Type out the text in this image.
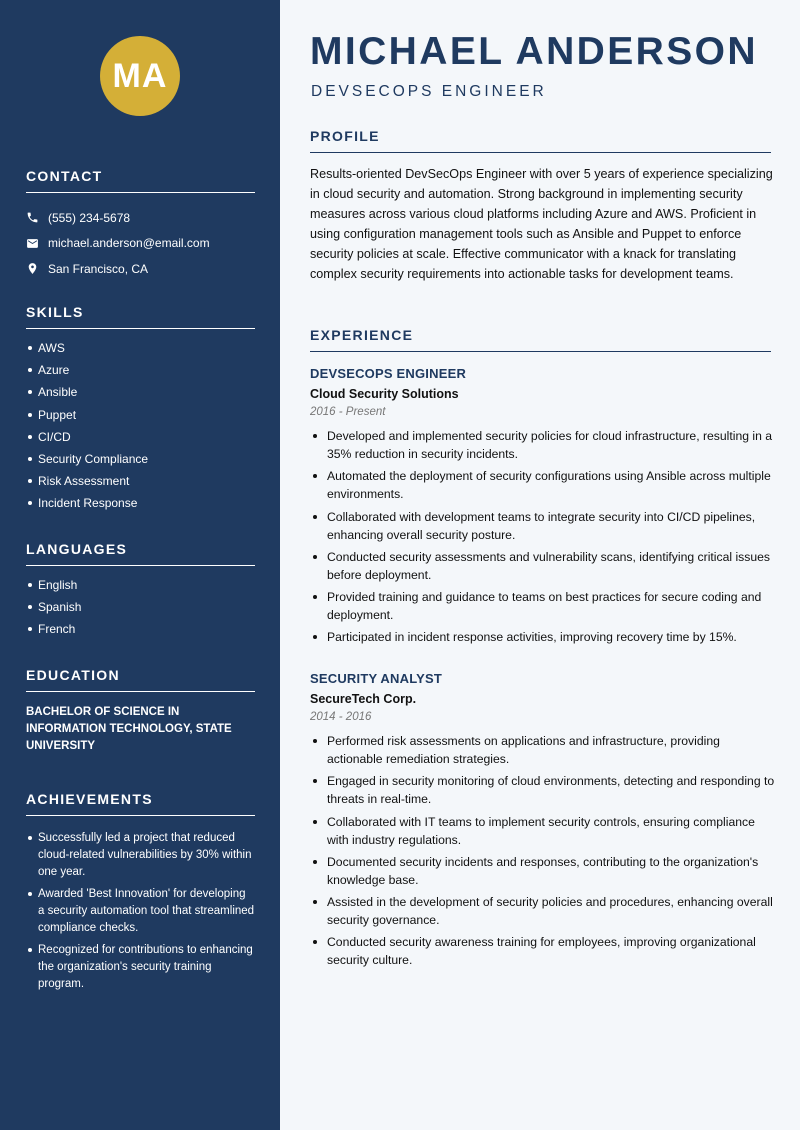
MA
CONTACT
(555) 234-5678
michael.anderson@email.com
San Francisco, CA
SKILLS
AWS
Azure
Ansible
Puppet
CI/CD
Security Compliance
Risk Assessment
Incident Response
LANGUAGES
English
Spanish
French
EDUCATION

BACHELOR OF SCIENCE IN INFORMATION TECHNOLOGY, STATE UNIVERSITY

ACHIEVEMENTS
Successfully led a project that reduced cloud-related vulnerabilities by 30% within one year.
Awarded 'Best Innovation' for developing a security automation tool that streamlined compliance checks.
Recognized for contributions to enhancing the organization's security training program.
MICHAEL ANDERSON
DEVSECOPS ENGINEER
PROFILE

Results-oriented DevSecOps Engineer with over 5 years of experience specializing in cloud security and automation. Strong background in implementing security measures across various cloud platforms including Azure and AWS. Proficient in using configuration management tools such as Ansible and Puppet to enforce security policies at scale. Effective communicator with a knack for translating complex security requirements into actionable tasks for development teams.

EXPERIENCE
DEVSECOPS ENGINEER
Cloud Security Solutions
2016 - Present
Developed and implemented security policies for cloud infrastructure, resulting in a 35% reduction in security incidents.
Automated the deployment of security configurations using Ansible across multiple environments.
Collaborated with development teams to integrate security into CI/CD pipelines, enhancing overall security posture.
Conducted security assessments and vulnerability scans, identifying critical issues before deployment.
Provided training and guidance to teams on best practices for secure coding and deployment.
Participated in incident response activities, improving recovery time by 15%.
SECURITY ANALYST
SecureTech Corp.
2014 - 2016
Performed risk assessments on applications and infrastructure, providing actionable remediation strategies.
Engaged in security monitoring of cloud environments, detecting and responding to threats in real-time.
Collaborated with IT teams to implement security controls, ensuring compliance with industry regulations.
Documented security incidents and responses, contributing to the organization's knowledge base.
Assisted in the development of security policies and procedures, enhancing overall security governance.
Conducted security awareness training for employees, improving organizational security culture.
